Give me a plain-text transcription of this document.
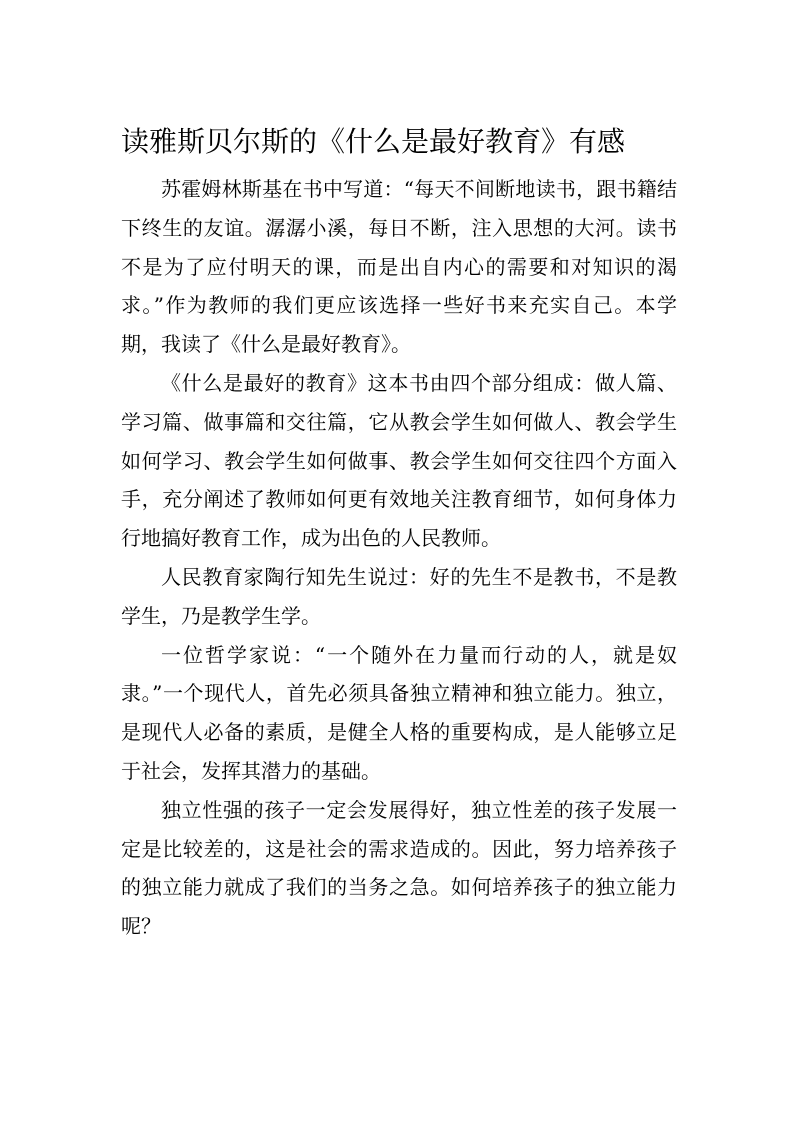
读雅斯贝尔斯的《什么是最好教育》有感

苏霍姆林斯基在书中写道：“每天不间断地读书，跟书籍结下终生的友谊。潺潺小溪，每日不断，注入思想的大河。读书不是为了应付明天的课，而是出自内心的需要和对知识的渴求。”作为教师的我们更应该选择一些好书来充实自己。本学期，我读了《什么是最好教育》。

《什么是最好的教育》这本书由四个部分组成：做人篇、学习篇、做事篇和交往篇，它从教会学生如何做人、教会学生如何学习、教会学生如何做事、教会学生如何交往四个方面入手，充分阐述了教师如何更有效地关注教育细节，如何身体力行地搞好教育工作，成为出色的人民教师。

人民教育家陶行知先生说过：好的先生不是教书，不是教学生，乃是教学生学。

一位哲学家说：“一个随外在力量而行动的人，就是奴隶。”一个现代人，首先必须具备独立精神和独立能力。独立，是现代人必备的素质，是健全人格的重要构成，是人能够立足于社会，发挥其潜力的基础。

独立性强的孩子一定会发展得好，独立性差的孩子发展一定是比较差的，这是社会的需求造成的。因此，努力培养孩子的独立能力就成了我们的当务之急。如何培养孩子的独立能力呢？
